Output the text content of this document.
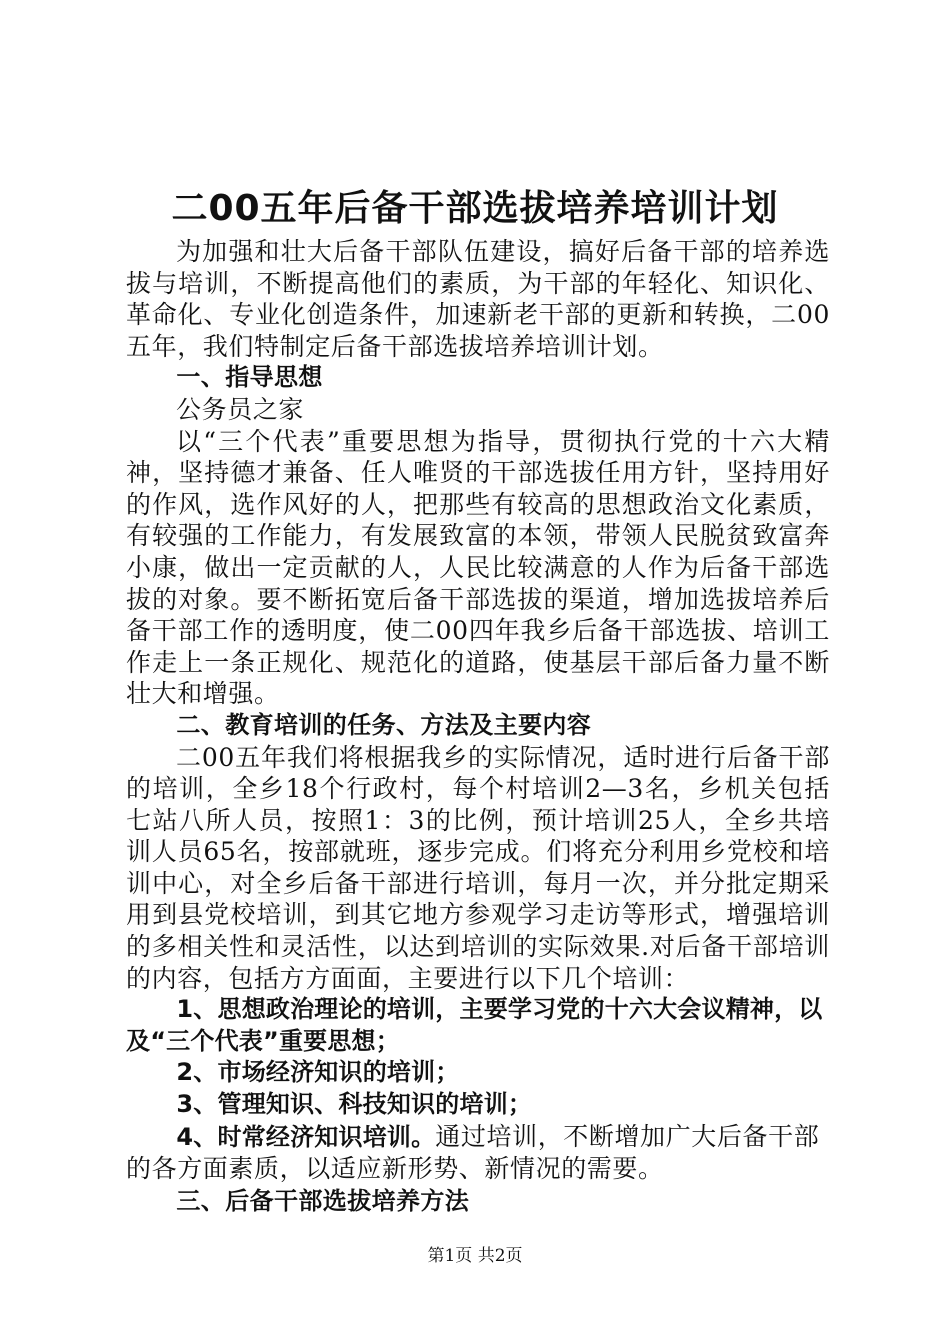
二00五年后备干部选拔培养培训计划

为加强和壮大后备干部队伍建设，搞好后备干部的培养选拔与培训，不断提高他们的素质，为干部的年轻化、知识化、革命化、专业化创造条件，加速新老干部的更新和转换，二00五年，我们特制定后备干部选拔培养培训计划。

一、指导思想

公务员之家

以“三个代表”重要思想为指导，贯彻执行党的十六大精神，坚持德才兼备、任人唯贤的干部选拔任用方针，坚持用好的作风，选作风好的人，把那些有较高的思想政治文化素质，有较强的工作能力，有发展致富的本领，带领人民脱贫致富奔小康，做出一定贡献的人，人民比较满意的人作为后备干部选拔的对象。要不断拓宽后备干部选拔的渠道，增加选拔培养后备干部工作的透明度，使二00四年我乡后备干部选拔、培训工作走上一条正规化、规范化的道路，使基层干部后备力量不断壮大和增强。

二、教育培训的任务、方法及主要内容

二00五年我们将根据我乡的实际情况，适时进行后备干部的培训，全乡18个行政村，每个村培训2—3名，乡机关包括七站八所人员，按照1：3的比例，预计培训25人，全乡共培训人员65名，按部就班，逐步完成。们将充分利用乡党校和培训中心，对全乡后备干部进行培训，每月一次，并分批定期采用到县党校培训，到其它地方参观学习走访等形式，增强培训的多相关性和灵活性，以达到培训的实际效果.对后备干部培训的内容，包括方方面面，主要进行以下几个培训：

1、思想政治理论的培训，主要学习党的十六大会议精神，以及“三个代表”重要思想；

2、市场经济知识的培训；

3、管理知识、科技知识的培训；

4、时常经济知识培训。通过培训，不断增加广大后备干部的各方面素质，以适应新形势、新情况的需要。

三、后备干部选拔培养方法

第1页 共2页
